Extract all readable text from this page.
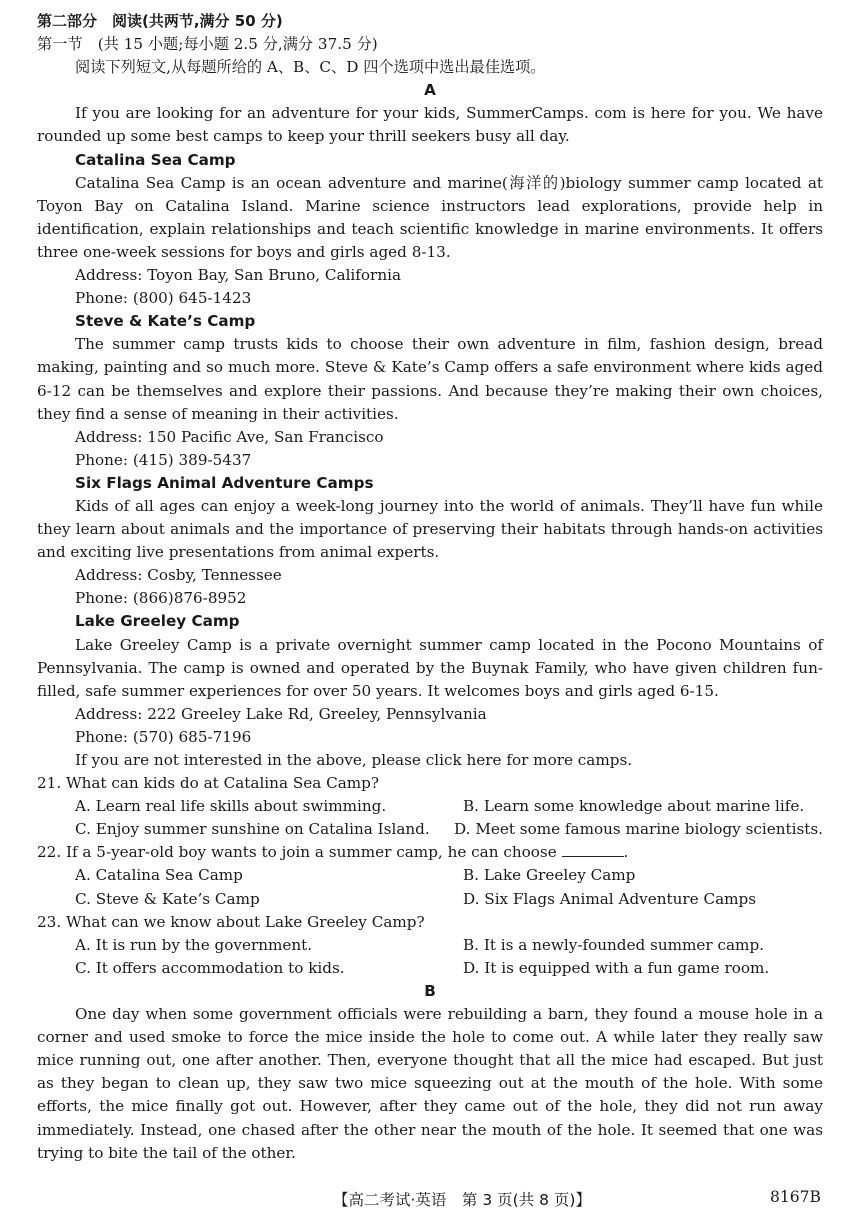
第二部分　阅读(共两节,满分 50 分)
第一节　(共 15 小题;每小题 2.5 分,满分 37.5 分)
阅读下列短文,从每题所给的 A、B、C、D 四个选项中选出最佳选项。
A
If you are looking for an adventure for your kids, SummerCamps. com is here for you. We have rounded up some best camps to keep your thrill seekers busy all day.
Catalina Sea Camp
Catalina Sea Camp is an ocean adventure and marine(海洋的)biology summer camp located at Toyon Bay on Catalina Island. Marine science instructors lead explorations, provide help in identification, explain relationships and teach scientific knowledge in marine environments. It offers three one-week sessions for boys and girls aged 8-13.
Address: Toyon Bay, San Bruno, California
Phone: (800) 645-1423
Steve & Kate’s Camp
The summer camp trusts kids to choose their own adventure in film, fashion design, bread making, painting and so much more. Steve & Kate’s Camp offers a safe environment where kids aged 6-12 can be themselves and explore their passions. And because they’re making their own choices, they find a sense of meaning in their activities.
Address: 150 Pacific Ave, San Francisco
Phone: (415) 389-5437
Six Flags Animal Adventure Camps
Kids of all ages can enjoy a week-long journey into the world of animals. They’ll have fun while they learn about animals and the importance of preserving their habitats through hands-on activities and exciting live presentations from animal experts.
Address: Cosby, Tennessee
Phone: (866)876-8952
Lake Greeley Camp
Lake Greeley Camp is a private overnight summer camp located in the Pocono Mountains of Pennsylvania. The camp is owned and operated by the Buynak Family, who have given children fun-filled, safe summer experiences for over 50 years. It welcomes boys and girls aged 6-15.
Address: 222 Greeley Lake Rd, Greeley, Pennsylvania
Phone: (570) 685-7196
If you are not interested in the above, please click here for more camps.
21. What can kids do at Catalina Sea Camp?
A. Learn real life skills about swimming.	B. Learn some knowledge about marine life.
C. Enjoy summer sunshine on Catalina Island.	D. Meet some famous marine biology scientists.
22. If a 5-year-old boy wants to join a summer camp, he can choose	.
A. Catalina Sea Camp	B. Lake Greeley Camp
C. Steve & Kate’s Camp	D. Six Flags Animal Adventure Camps
23. What can we know about Lake Greeley Camp?
A. It is run by the government.	B. It is a newly-founded summer camp.
C. It offers accommodation to kids.	D. It is equipped with a fun game room.
B
One day when some government officials were rebuilding a barn, they found a mouse hole in a corner and used smoke to force the mice inside the hole to come out. A while later they really saw mice running out, one after another. Then, everyone thought that all the mice had escaped. But just as they began to clean up, they saw two mice squeezing out at the mouth of the hole. With some efforts, the mice finally got out. However, after they came out of the hole, they did not run away immediately. Instead, one chased after the other near the mouth of the hole. It seemed that one was trying to bite the tail of the other.
【高二考试·英语　第 3 页(共 8 页)】	8167B
